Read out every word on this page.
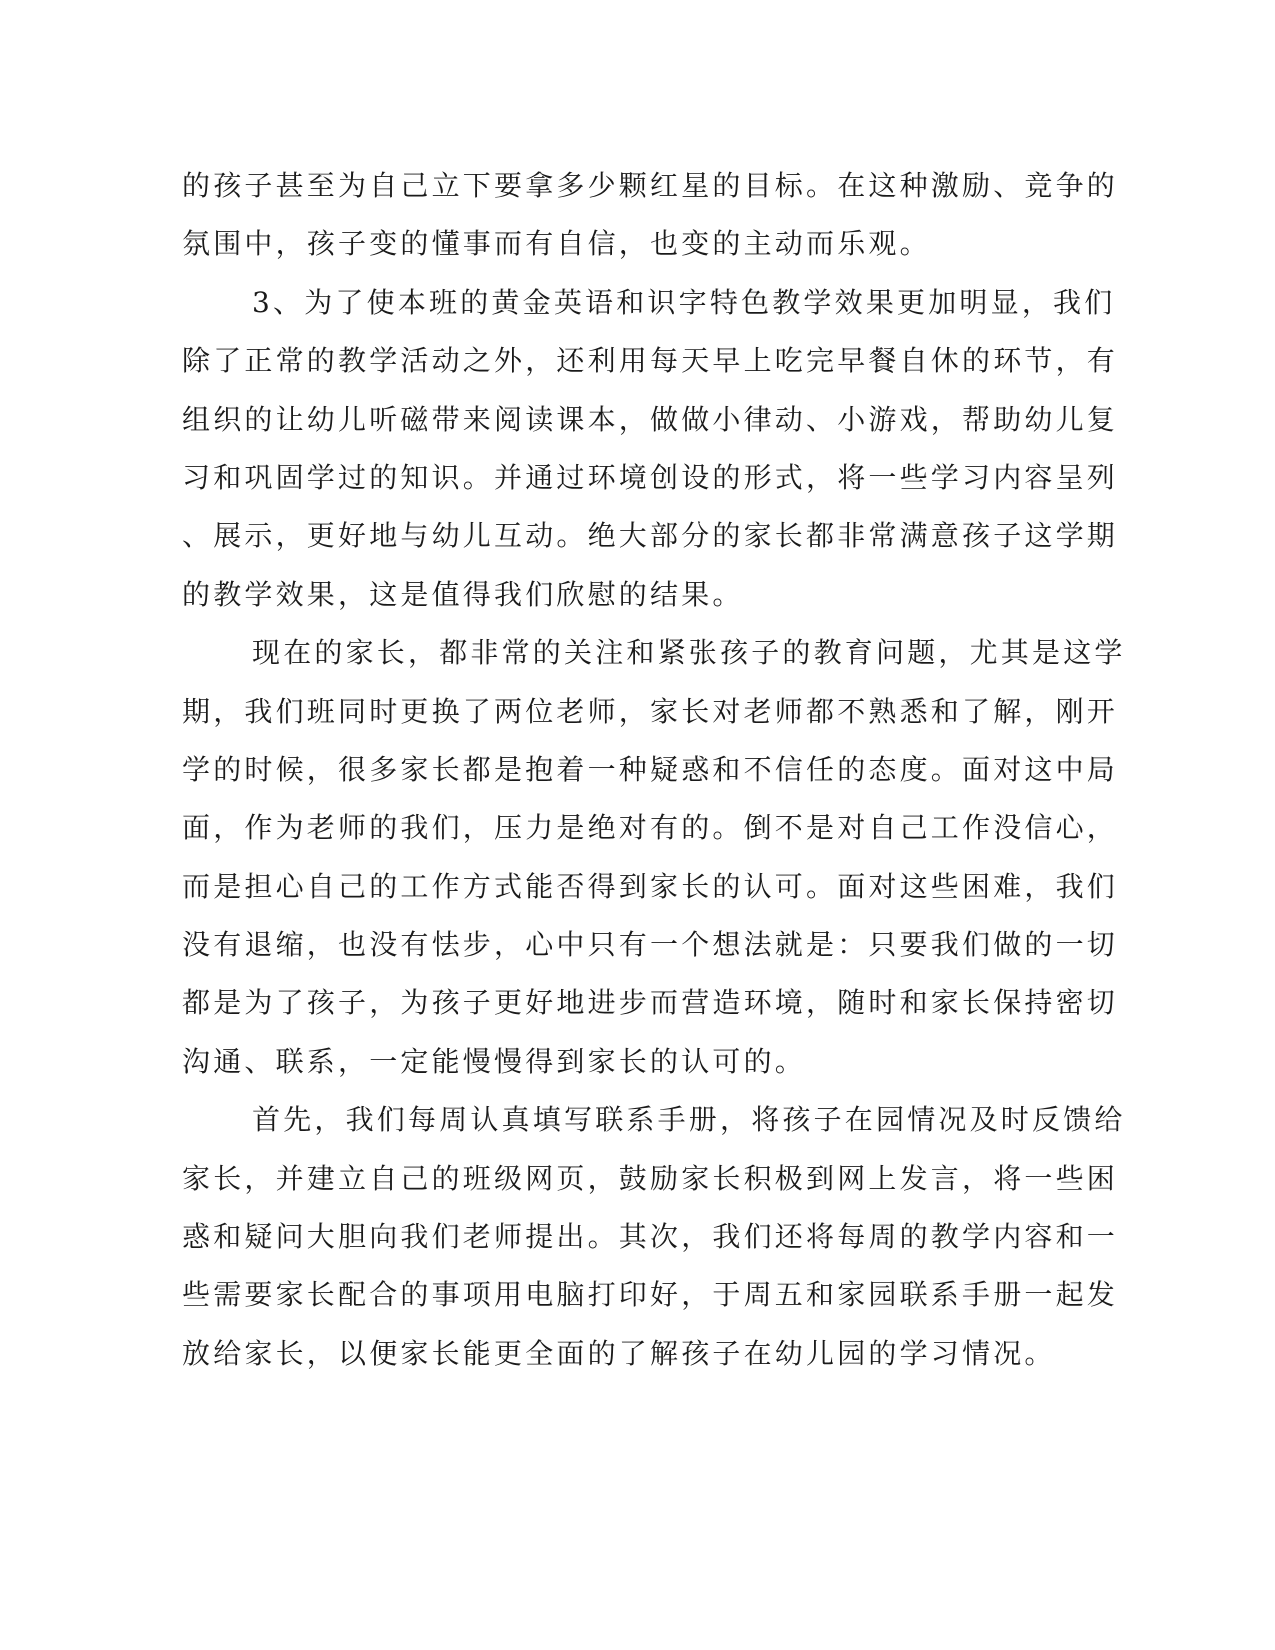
的孩子甚至为自己立下要拿多少颗红星的目标。在这种激励、竞争的
氛围中，孩子变的懂事而有自信，也变的主动而乐观。
3、为了使本班的黄金英语和识字特色教学效果更加明显，我们
除了正常的教学活动之外，还利用每天早上吃完早餐自休的环节，有
组织的让幼儿听磁带来阅读课本，做做小律动、小游戏，帮助幼儿复
习和巩固学过的知识。并通过环境创设的形式，将一些学习内容呈列
、展示，更好地与幼儿互动。绝大部分的家长都非常满意孩子这学期
的教学效果，这是值得我们欣慰的结果。
现在的家长，都非常的关注和紧张孩子的教育问题，尤其是这学
期，我们班同时更换了两位老师，家长对老师都不熟悉和了解，刚开
学的时候，很多家长都是抱着一种疑惑和不信任的态度。面对这中局
面，作为老师的我们，压力是绝对有的。倒不是对自己工作没信心，
而是担心自己的工作方式能否得到家长的认可。面对这些困难，我们
没有退缩，也没有怯步，心中只有一个想法就是：只要我们做的一切
都是为了孩子，为孩子更好地进步而营造环境，随时和家长保持密切
沟通、联系，一定能慢慢得到家长的认可的。
首先，我们每周认真填写联系手册，将孩子在园情况及时反馈给
家长，并建立自己的班级网页，鼓励家长积极到网上发言，将一些困
惑和疑问大胆向我们老师提出。其次，我们还将每周的教学内容和一
些需要家长配合的事项用电脑打印好，于周五和家园联系手册一起发
放给家长，以便家长能更全面的了解孩子在幼儿园的学习情况。
